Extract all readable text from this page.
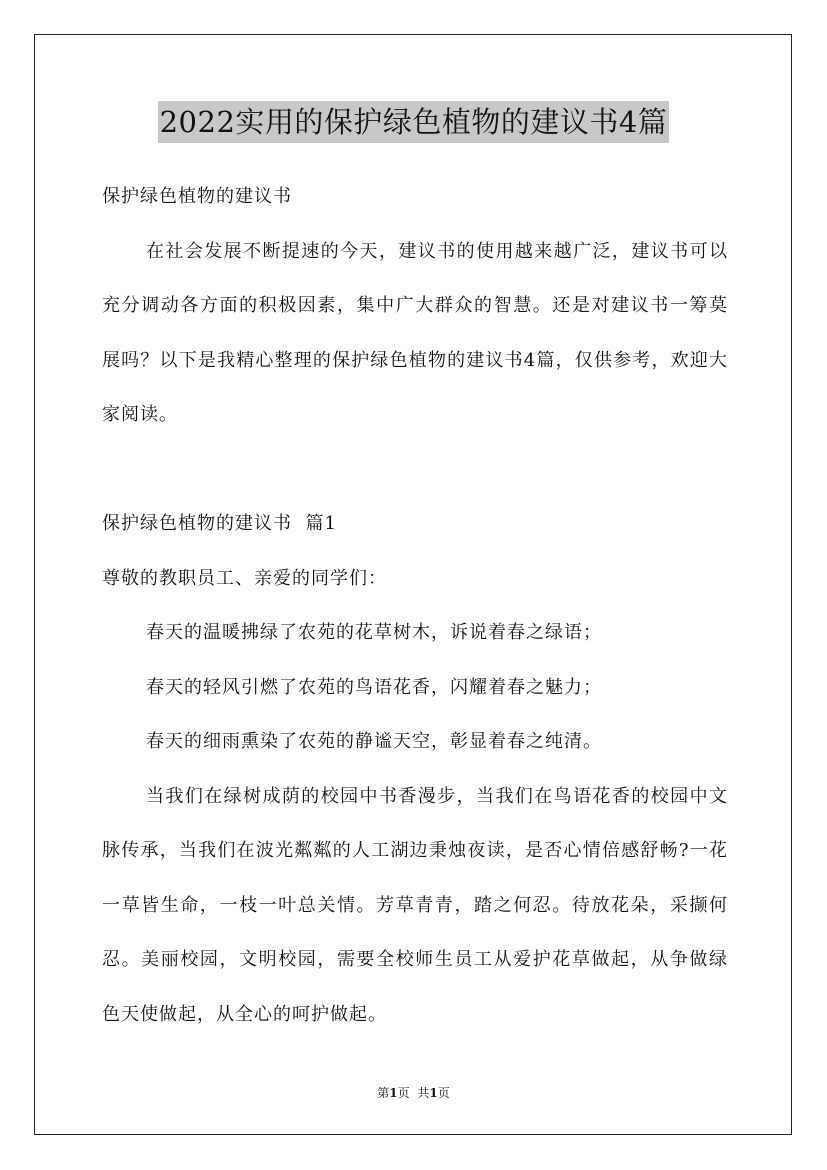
2022实用的保护绿色植物的建议书4篇
保护绿色植物的建议书

在社会发展不断提速的今天，建议书的使用越来越广泛，建议书可以充分调动各方面的积极因素，集中广大群众的智慧。还是对建议书一筹莫展吗？以下是我精心整理的保护绿色植物的建议书4篇，仅供参考，欢迎大家阅读。

保护绿色植物的建议书  篇1
尊敬的教职员工、亲爱的同学们：
春天的温暖拂绿了农苑的花草树木，诉说着春之绿语；
春天的轻风引燃了农苑的鸟语花香，闪耀着春之魅力；
春天的细雨熏染了农苑的静谧天空，彰显着春之纯清。

当我们在绿树成荫的校园中书香漫步，当我们在鸟语花香的校园中文脉传承，当我们在波光粼粼的人工湖边秉烛夜读，是否心情倍感舒畅?一花一草皆生命，一枝一叶总关情。芳草青青，踏之何忍。待放花朵，采撷何忍。美丽校园，文明校园，需要全校师生员工从爱护花草做起，从争做绿色天使做起，从全心的呵护做起。

第1页 共1页
